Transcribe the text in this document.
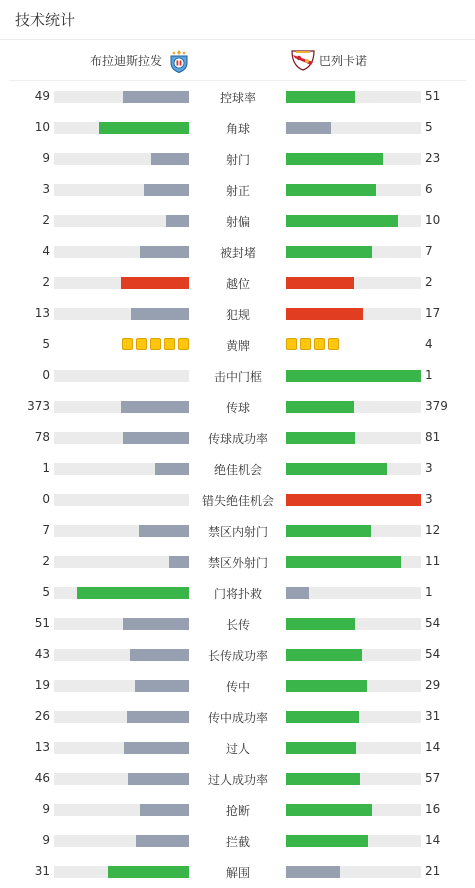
技术统计
布拉迪斯拉发	巴列卡诺
49	控球率	51
10	角球	5
9	射门	23
3	射正	6
2	射偏	10
4	被封堵	7
2	越位	2
13	犯规	17
5	黄牌	4
0	击中门框	1
373	传球	379
78	传球成功率	81
1	绝佳机会	3
0	错失绝佳机会	3
7	禁区内射门	12
2	禁区外射门	11
5	门将扑救	1
51	长传	54
43	长传成功率	54
19	传中	29
26	传中成功率	31
13	过人	14
46	过人成功率	57
9	抢断	16
9	拦截	14
31	解围	21
